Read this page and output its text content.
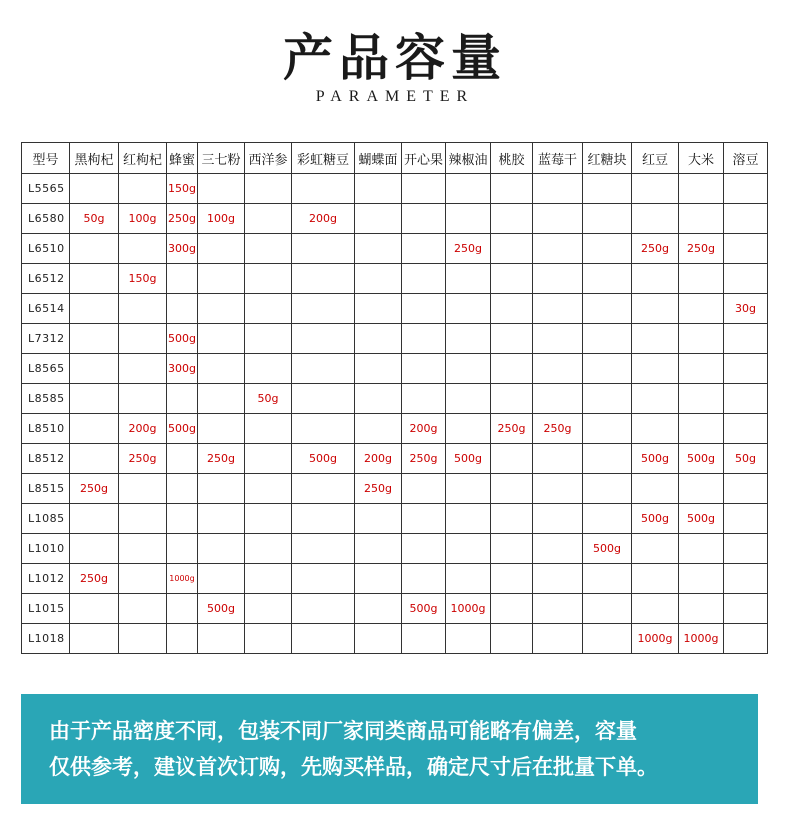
产品容量
PARAMETER
型号	黑枸杞	红枸杞	蜂蜜	三七粉	西洋参	彩虹糖豆	蝴蝶面	开心果	辣椒油	桃胶	蓝莓干	红糖块	红豆	大米	溶豆
L5565			150g												
L6580	50g	100g	250g	100g		200g									
L6510			300g						250g				250g	250g	
L6512		150g													
L6514															30g
L7312			500g												
L8565			300g												
L8585					50g										
L8510		200g	500g					200g		250g	250g				
L8512		250g		250g		500g	200g	250g	500g				500g	500g	50g
L8515	250g						250g								
L1085													500g	500g	
L1010												500g			
L1012	250g		1000g												
L1015				500g				500g	1000g						
L1018													1000g	1000g	
由于产品密度不同，包装不同厂家同类商品可能略有偏差，容量
仅供参考，建议首次订购，先购买样品，确定尺寸后在批量下单。
